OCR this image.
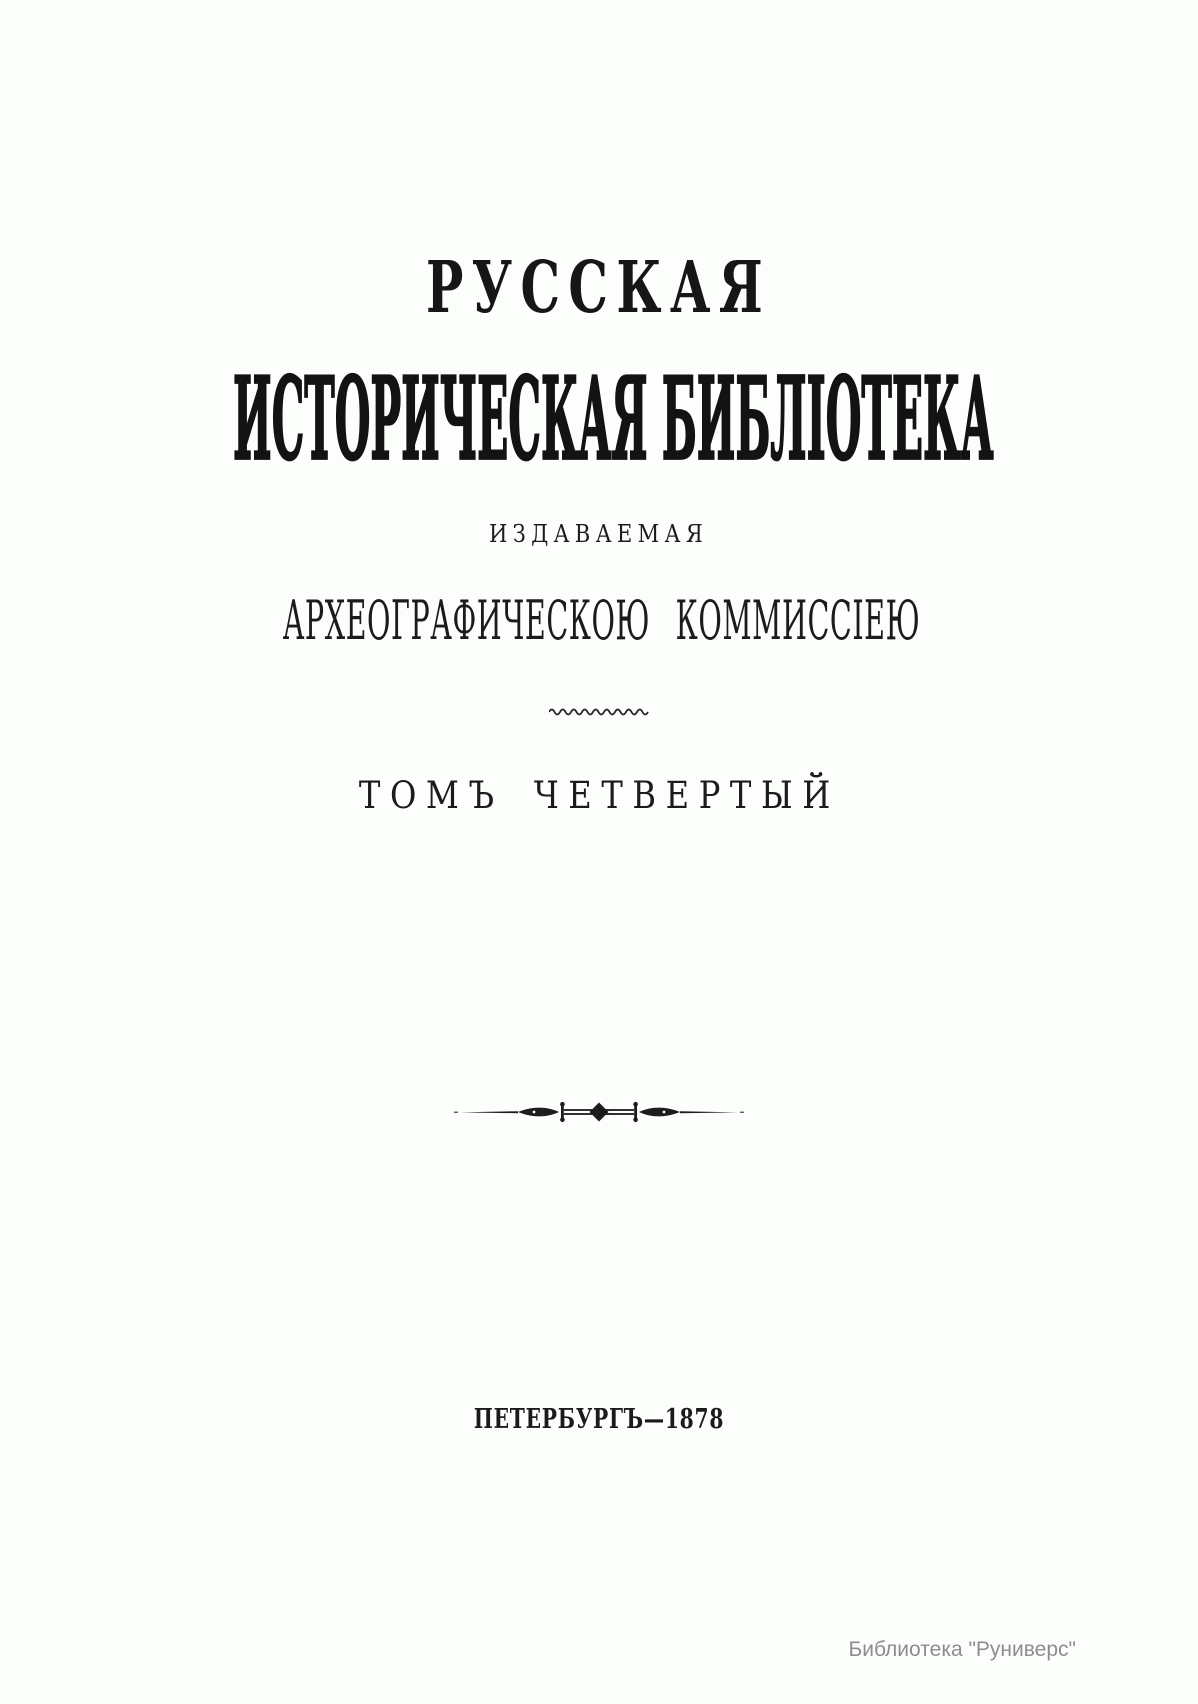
РУССКАЯ
ИСТОРИЧЕСКАЯ БИБЛІОТЕКА
ИЗДАВАЕМАЯ
АРХЕОГРАФИЧЕСКОЮ КОММИССІЕЮ
ТОМЪ ЧЕТВЕРТЫЙ
ПЕТЕРБУРГЪ—1878
Библиотека "Руниверс"
